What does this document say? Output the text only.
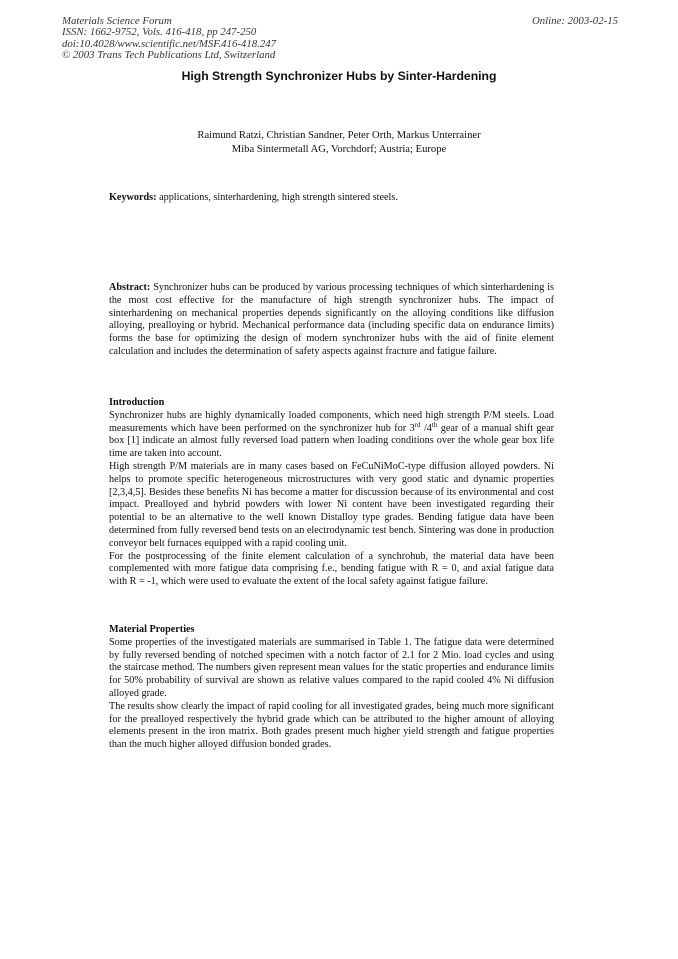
Materials Science Forum
ISSN: 1662-9752, Vols. 416-418, pp 247-250
doi:10.4028/www.scientific.net/MSF.416-418.247
© 2003 Trans Tech Publications Ltd, Switzerland
Online: 2003-02-15
High Strength Synchronizer Hubs by Sinter-Hardening
Raimund Ratzi, Christian Sandner, Peter Orth, Markus Unterrainer
Miba Sintermetall AG, Vorchdorf; Austria; Europe
Keywords: applications, sinterhardening, high strength sintered steels.
Abstract: Synchronizer hubs can be produced by various processing techniques of which sinterhardening is the most cost effective for the manufacture of high strength synchronizer hubs. The impact of sinterhardening on mechanical properties depends significantly on the alloying conditions like diffusion alloying, prealloying or hybrid. Mechanical performance data (including specific data on endurance limits) forms the base for optimizing the design of modern synchronizer hubs with the aid of finite element calculation and includes the determination of safety aspects against fracture and fatigue failure.
Introduction

Synchronizer hubs are highly dynamically loaded components, which need high strength P/M steels. Load measurements which have been performed on the synchronizer hub for 3rd /4th gear of a manual shift gear box [1] indicate an almost fully reversed load pattern when loading conditions over the whole gear box life time are taken into account.

High strength P/M materials are in many cases based on FeCuNiMoC-type diffusion alloyed powders. Ni helps to promote specific heterogeneous microstructures with very good static and dynamic properties [2,3,4,5]. Besides these benefits Ni has become a matter for discussion because of its environmental and cost impact. Prealloyed and hybrid powders with lower Ni content have been investigated regarding their potential to be an alternative to the well known Distalloy type grades. Bending fatigue data have been determined from fully reversed bend tests on an electrodynamic test bench. Sintering was done in production conveyor belt furnaces equipped with a rapid cooling unit.

For the postprocessing of the finite element calculation of a synchrohub, the material data have been complemented with more fatigue data comprising f.e., bending fatigue with R = 0, and axial fatigue data with R = -1, which were used to evaluate the extent of the local safety against fatigue failure.

Material Properties

Some properties of the investigated materials are summarised in Table 1. The fatigue data were determined by fully reversed bending of notched specimen with a notch factor of 2.1 for 2 Mio. load cycles and using the staircase method. The numbers given represent mean values for the static properties and endurance limits for 50% probability of survival are shown as relative values compared to the rapid cooled 4% Ni diffusion alloyed grade.

The results show clearly the impact of rapid cooling for all investigated grades, being much more significant for the prealloyed respectively the hybrid grade which can be attributed to the higher amount of alloying elements present in the iron matrix. Both grades present much higher yield strength and fatigue properties than the much higher alloyed diffusion bonded grades.
